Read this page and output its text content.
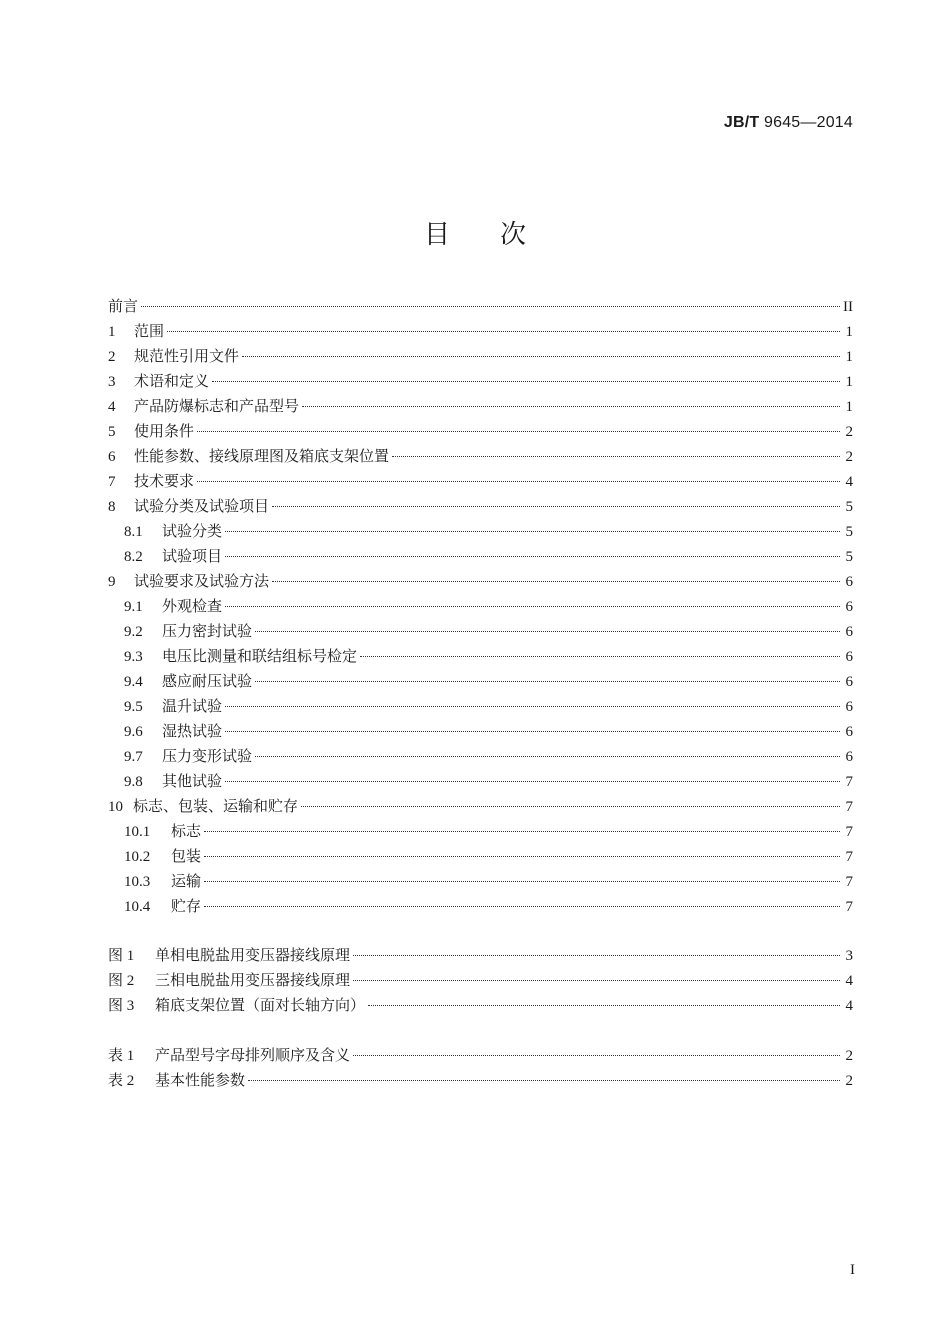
JB/T 9645—2014
目次
前言	II
1	范围	1
2	规范性引用文件	1
3	术语和定义	1
4	产品防爆标志和产品型号	1
5	使用条件	2
6	性能参数、接线原理图及箱底支架位置	2
7	技术要求	4
8	试验分类及试验项目	5
8.1	试验分类	5
8.2	试验项目	5
9	试验要求及试验方法	6
9.1	外观检查	6
9.2	压力密封试验	6
9.3	电压比测量和联结组标号检定	6
9.4	感应耐压试验	6
9.5	温升试验	6
9.6	湿热试验	6
9.7	压力变形试验	6
9.8	其他试验	7
10 标志、包装、运输和贮存	7
10.1	标志	7
10.2	包装	7
10.3	运输	7
10.4	贮存	7
图 1	单相电脱盐用变压器接线原理	3
图 2	三相电脱盐用变压器接线原理	4
图 3	箱底支架位置（面对长轴方向）	4
表 1	产品型号字母排列顺序及含义	2
表 2	基本性能参数	2
I
